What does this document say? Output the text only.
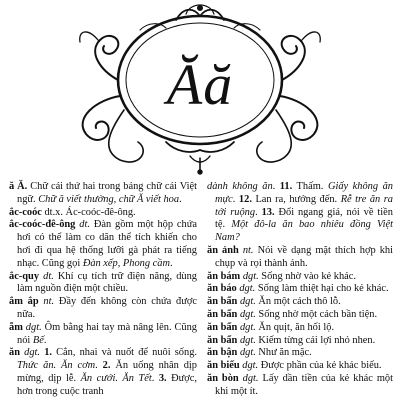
Ăă

ă Ă. Chữ cái thứ hai trong bảng chữ cái Việt ngữ. Chữ ă viết thường, chữ Ă viết hoa.

ắc-coóc dt.x. Ác-coóc-đê-ông.

ắc-coóc-đê-ông dt. Đàn gồm một hộp chứa hơi có thể làm co dãn thể tích khiến cho hơi đi qua hệ thống lưỡi gà phát ra tiếng nhạc. Cũng gọi Đàn xếp, Phong cầm.

ắc-quy dt. Khí cụ tích trữ điện năng, dùng làm nguồn điện một chiều.

ắm ắp nt. Đầy đến không còn chứa được nữa.

ẵm dgt. Ôm bằng hai tay mà nâng lên. Cũng nói Bế.

ăn dgt. 1. Cắn, nhai và nuốt để nuôi sống. Thức ăn. Ăn cơm. 2. Ăn uống nhân dịp mừng, dịp lễ. Ăn cưới. Ăn Tết. 3. Được, hơn trong cuộc tranh

dành không ăn. 11. Thấm. Giấy không ăn mực. 12. Lan ra, hướng đến. Rễ tre ăn ra tới ruộng. 13. Đổi ngang giá, nói về tiền tệ. Một đô-la ăn bao nhiêu đồng Việt Nam?

ăn ảnh nt. Nói về dạng mặt thích hợp khi chụp và rọi thành ảnh.

ăn bám dgt. Sống nhờ vào kẻ khác.

ăn báo dgt. Sống làm thiệt hại cho kẻ khác.

ăn bẩn dgt. Ăn một cách thô lỗ.

ăn bẩn dgt. Sống nhờ một cách bần tiện.

ăn bẩn dgt. Ăn quịt, ăn hối lộ.

ăn bẩn dgt. Kiếm từng cái lợi nhỏ nhen.

ăn bận dgt. Như ăn mặc.

ăn biếu dgt. Được phần của kẻ khác biếu.

ăn bòn dgt. Lấy dần tiền của kẻ khác một khi một ít.
